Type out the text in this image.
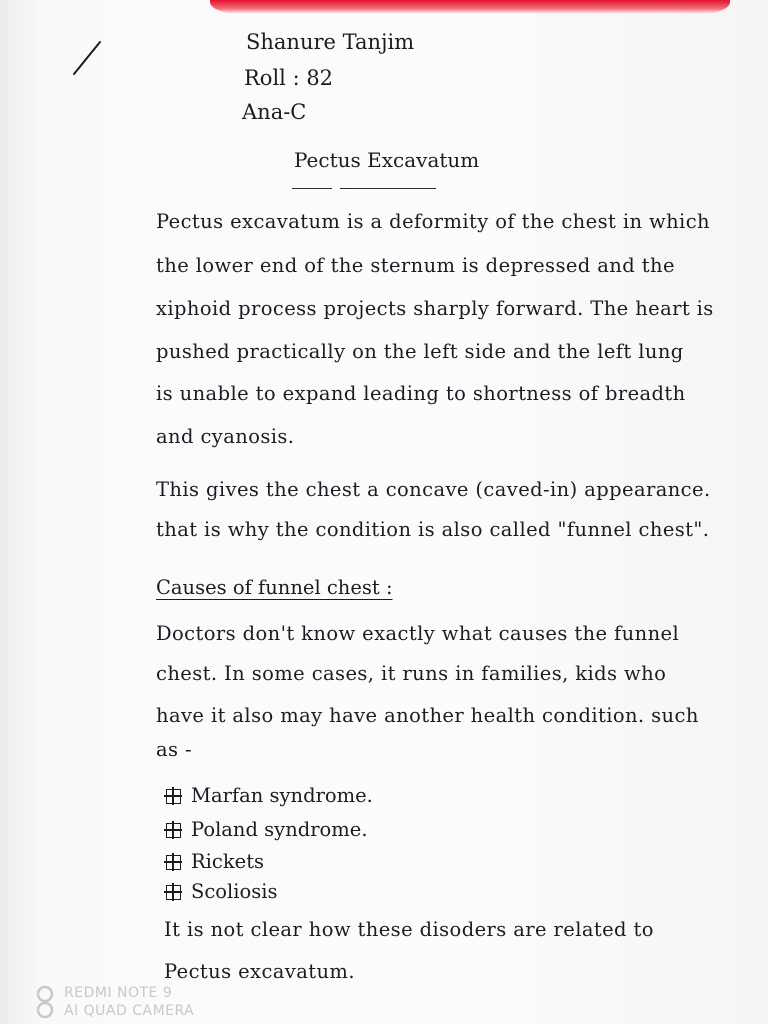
Shanure Tanjim
Roll : 82
Ana-C
Pectus Excavatum
Pectus excavatum is a deformity of the chest in which
the lower end of the sternum is depressed and the
xiphoid process projects sharply forward. The heart is
pushed practically on the left side and the left lung
is unable to expand leading to shortness of breadth
and cyanosis.
This gives the chest a concave (caved-in) appearance.
that is why the condition is also called "funnel chest".
Causes of funnel chest :
Doctors don't know exactly what causes the funnel
chest. In some cases, it runs in families, kids who
have it also may have another health condition. such
as -
Marfan syndrome.
Poland syndrome.
Rickets
Scoliosis
It is not clear how these disoders are related to
Pectus excavatum.
REDMI NOTE 9
AI QUAD CAMERA
